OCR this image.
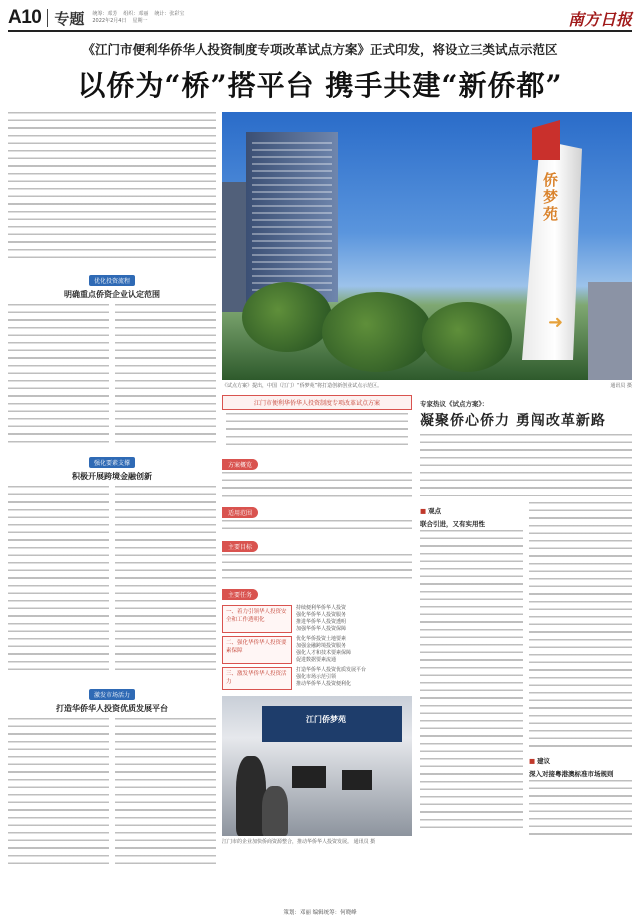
A10 专题 统筹：邓芳 组织：邓丽 统计：张彩宝
2022年2月4日 星期一	南方日报
《江门市便利华侨华人投资制度专项改革试点方案》正式印发，将设立三类试点示范区
以侨为“桥”搭平台 携手共建“新侨都”
优化投资流程
明确重点侨资企业认定范围
强化要素支撑
积极开展跨境金融创新
激发市场活力
打造华侨华人投资优质发展平台
侨梦苑
➜
《试点方案》提出，中国（江门）“侨梦苑”将打造创新创业试点示范区。	通讯员 摄
江门市便利华侨华人投资制度专项改革试点方案
方案概览
适用范围
主要目标
主要任务
一、着力引领华人投资安全和工作透明化
持续便利华侨华人投资
强化华侨华人投资服务
推进华侨华人投资透明
加强华侨华人投资保障
二、强化华侨华人投资要素保障
优化华侨投资土地要素
加强金融跨境投资服务
强化人才和技术要素保障
促进数据要素流通
三、激发华侨华人投资活力
打造华侨华人投资优质发展平台
强化市场示范引领
推动华侨华人投资便利化
江门侨梦苑
江门市的企业加快侨商资源整合，推动华侨华人投资发展。 通讯员 摄
专家热议《试点方案》：
凝聚侨心侨力 勇闯改革新路
■ 观点
联合引进，又有实用性
■ 建议
深入对接粤港澳标准市场规则
策划：邓丽 编辑统筹：何晓峰
